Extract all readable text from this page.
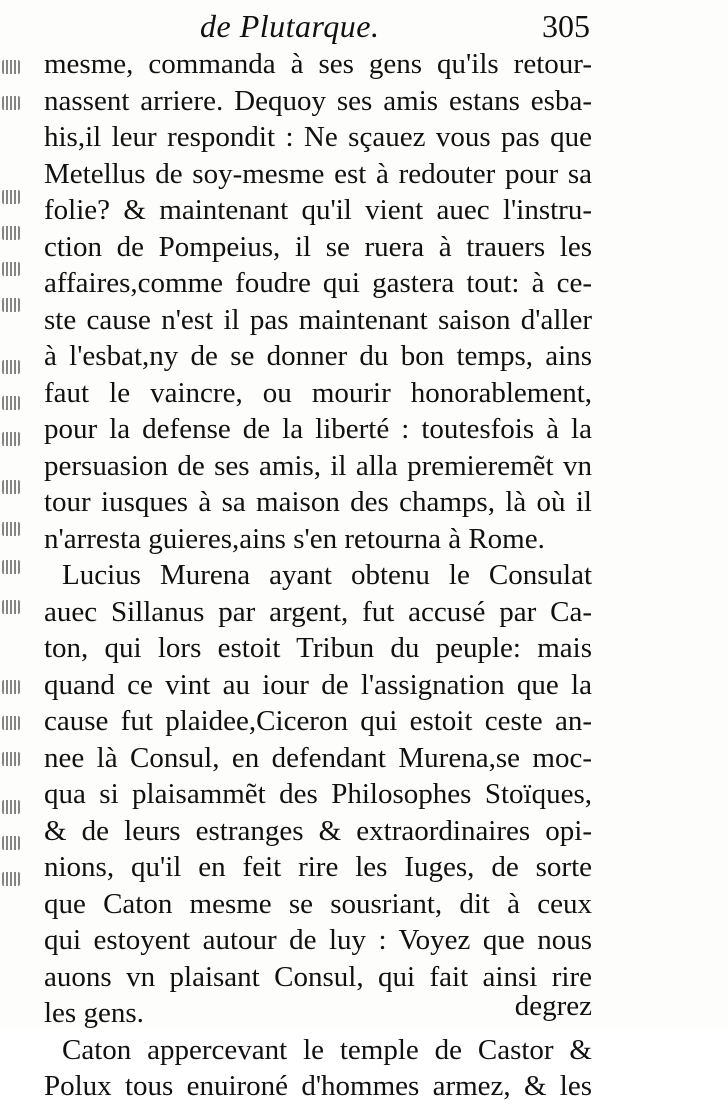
de Plutarque.	305
mesme, commanda à ses gens qu'ils retour-
nassent arriere. Dequoy ses amis estans esba-
his,il leur respondit : Ne sçauez vous pas que
Metellus de soy-mesme est à redouter pour sa
folie? & maintenant qu'il vient auec l'instru-
ction de Pompeius, il se ruera à trauers les
affaires,comme foudre qui gastera tout: à ce-
ste cause n'est il pas maintenant saison d'aller
à l'esbat,ny de se donner du bon temps, ains
faut le vaincre, ou mourir honorablement,
pour la defense de la liberté : toutesfois à la
persuasion de ses amis, il alla premieremẽt vn
tour iusques à sa maison des champs, là où il
n'arresta guieres,ains s'en retourna à Rome.
Lucius Murena ayant obtenu le Consulat
auec Sillanus par argent, fut accusé par Ca-
ton, qui lors estoit Tribun du peuple: mais
quand ce vint au iour de l'assignation que la
cause fut plaidee,Ciceron qui estoit ceste an-
nee là Consul, en defendant Murena,se moc-
qua si plaisammẽt des Philosophes Stoïques,
& de leurs estranges & extraordinaires opi-
nions, qu'il en feit rire les Iuges, de sorte
que Caton mesme se sousriant, dit à ceux
qui estoyent autour de luy : Voyez que nous
auons vn plaisant Consul, qui fait ainsi rire
les gens.
Caton appercevant le temple de Castor &
Polux tous enuironé d'hommes armez, & les
degrez
